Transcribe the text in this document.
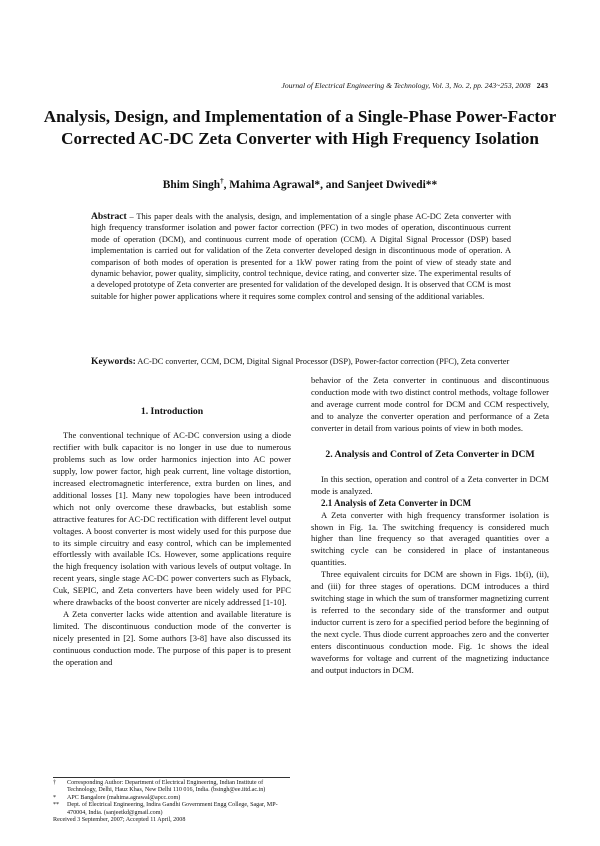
Journal of Electrical Engineering & Technology, Vol. 3, No. 2, pp. 243~253, 2008 243
Analysis, Design, and Implementation of a Single-Phase Power-Factor
Corrected AC-DC Zeta Converter with High Frequency Isolation
Bhim Singh†, Mahima Agrawal*, and Sanjeet Dwivedi**
Abstract – This paper deals with the analysis, design, and implementation of a single phase AC-DC Zeta converter with high frequency transformer isolation and power factor correction (PFC) in two modes of operation, discontinuous current mode of operation (DCM), and continuous current mode of operation (CCM). A Digital Signal Processor (DSP) based implementation is carried out for validation of the Zeta converter developed design in discontinuous mode of operation. A comparison of both modes of operation is presented for a 1kW power rating from the point of view of steady state and dynamic behavior, power quality, simplicity, control technique, device rating, and converter size. The experimental results of a developed prototype of Zeta converter are presented for validation of the developed design. It is observed that CCM is most suitable for higher power applications where it requires some complex control and sensing of the additional variables.
Keywords: AC-DC converter, CCM, DCM, Digital Signal Processor (DSP), Power-factor correction (PFC), Zeta converter
1. Introduction

The conventional technique of AC-DC conversion using a diode rectifier with bulk capacitor is no longer in use due to numerous problems such as low order harmonics injection into AC power supply, low power factor, high peak current, line voltage distortion, increased electromagnetic interference, extra burden on lines, and additional losses [1]. Many new topologies have been introduced which not only overcome these drawbacks, but establish some attractive features for AC-DC rectification with different level output voltages. A boost converter is most widely used for this purpose due to its simple circuitry and easy control, which can be implemented effortlessly with available ICs. However, some applications require the high frequency isolation with various levels of output voltage. In recent years, single stage AC-DC power converters such as Flyback, Cuk, SEPIC, and Zeta converters have been widely used for PFC where drawbacks of the boost converter are nicely addressed [1-10].

A Zeta converter lacks wide attention and available literature is limited. The discontinuous conduction mode of the converter is nicely presented in [2]. Some authors [3-8] have also discussed its continuous conduction mode. The purpose of this paper is to present the operation and

behavior of the Zeta converter in continuous and discontinuous conduction mode with two distinct control methods, voltage follower and average current mode control for DCM and CCM respectively, and to analyze the converter operation and performance of a Zeta converter in detail from various points of view in both modes.

2. Analysis and Control of Zeta Converter in DCM

In this section, operation and control of a Zeta converter in DCM mode is analyzed.

2.1 Analysis of Zeta Converter in DCM

A Zeta converter with high frequency transformer isolation is shown in Fig. 1a. The switching frequency is considered much higher than line frequency so that averaged quantities over a switching cycle can be considered in place of instantaneous quantities.

Three equivalent circuits for DCM are shown in Figs. 1b(i), (ii), and (iii) for three stages of operations. DCM introduces a third switching stage in which the sum of transformer magnetizing current is referred to the secondary side of the transformer and output inductor current is zero for a specified period before the beginning of the next cycle. Thus diode current approaches zero and the converter enters discontinuous conduction mode. Fig. 1c shows the ideal waveforms for voltage and current of the magnetizing inductance and output inductors in DCM.

†	Corresponding Author: Department of Electrical Engineering, Indian Institute of Technology, Delhi, Hauz Khas, New Delhi 110 016, India. (bsingh@ee.iitd.ac.in)
*	APC Bangalore (mahima.agrawal@apcc.com)
**	Dept. of Electrical Engineering, Indira Gandhi Government Engg College, Sagar, MP-470004, India. (sanjeetkd@gmail.com)
Received 3 September, 2007; Accepted 11 April, 2008
